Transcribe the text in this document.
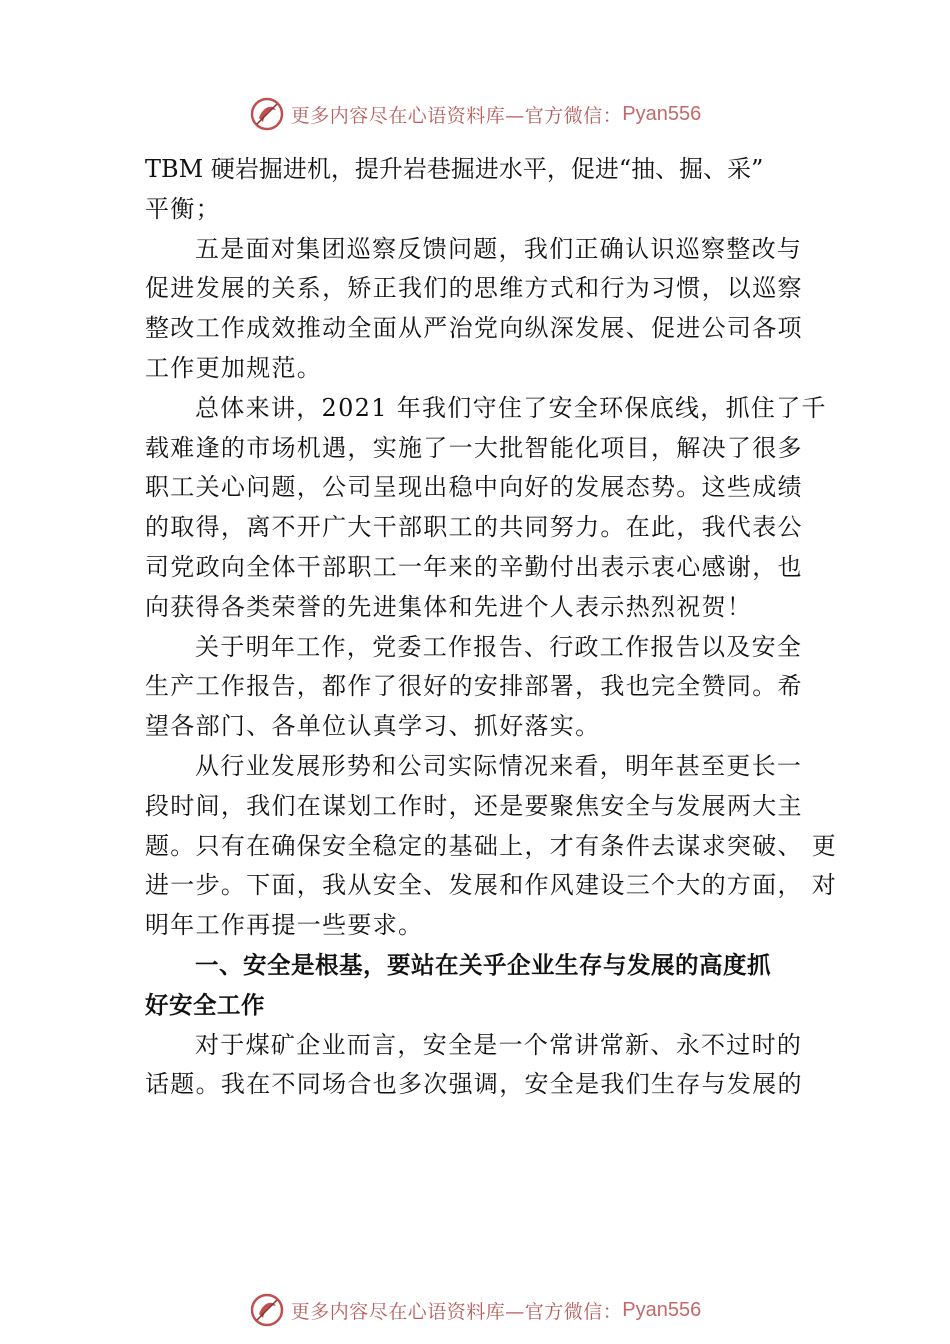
更多内容尽在心语资料库—官方微信： Pyan556
TBM 硬岩掘进机，提升岩巷掘进水平，促进“抽、掘、采”
平衡；
五是面对集团巡察反馈问题，我们正确认识巡察整改与
促进发展的关系，矫正我们的思维方式和行为习惯，以巡察
整改工作成效推动全面从严治党向纵深发展、促进公司各项
工作更加规范。
总体来讲，2021 年我们守住了安全环保底线，抓住了千
载难逢的市场机遇，实施了一大批智能化项目，解决了很多
职工关心问题，公司呈现出稳中向好的发展态势。这些成绩
的取得，离不开广大干部职工的共同努力。在此，我代表公
司党政向全体干部职工一年来的辛勤付出表示衷心感谢，也
向获得各类荣誉的先进集体和先进个人表示热烈祝贺！
关于明年工作，党委工作报告、行政工作报告以及安全
生产工作报告，都作了很好的安排部署，我也完全赞同。希
望各部门、各单位认真学习、抓好落实。
从行业发展形势和公司实际情况来看，明年甚至更长一
段时间，我们在谋划工作时，还是要聚焦安全与发展两大主
题。只有在确保安全稳定的基础上，才有条件去谋求突破、 更
进一步。下面，我从安全、发展和作风建设三个大的方面， 对
明年工作再提一些要求。
一、安全是根基，要站在关乎企业生存与发展的高度抓
好安全工作
对于煤矿企业而言，安全是一个常讲常新、永不过时的
话题。我在不同场合也多次强调，安全是我们生存与发展的
更多内容尽在心语资料库—官方微信： Pyan556
